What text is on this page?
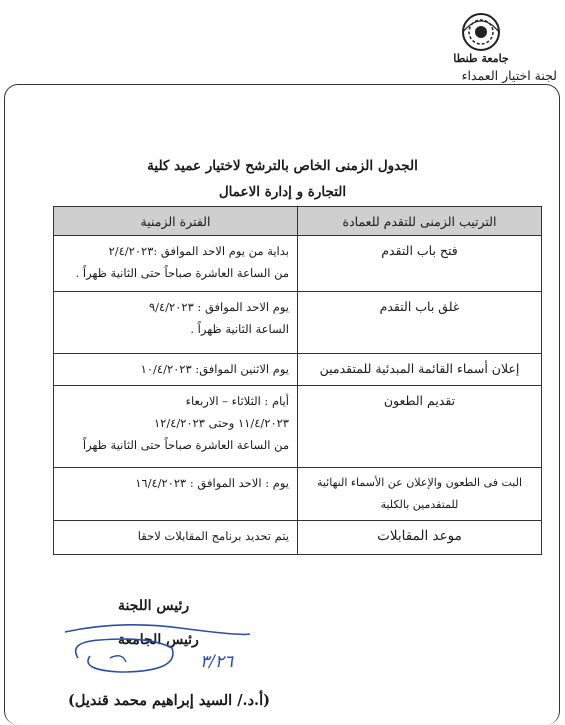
جامعة طنطا
لجنة اختيار العمداء
الجدول الزمنى الخاص بالترشح لاختيار عميد كلية
التجارة و إدارة الاعمال
الترتيب الزمنى للتقدم للعمادة	الفترة الزمنية
فتح باب التقدم	بداية من يوم الاحد الموافق :٢/٤/٢٠٢٣
من الساعة العاشرة صباحاً حتى الثانية ظهراً .

غلق باب التقدم	يوم الاحد الموافق : ٩/٤/٢٠٢٣
الساعة الثانية ظهراً .

إعلان أسماء القائمة المبدئية للمتقدمين	يوم الاثنين الموافق: ١٠/٤/٢٠٢٣

تقديم الطعون	أيام : الثلاثاء – الاربعاء
١١/٤/٢٠٢٣ وحتى ١٢/٤/٢٠٢٣
من الساعة العاشرة صباحاً حتى الثانية ظهراً

البت فى الطعون والإعلان عن الأسماء النهائية للمتقدمين بالكلية	يوم : الاحد الموافق : ١٦/٤/٢٠٢٣

موعد المقابلات	يتم تحديد برنامج المقابلات لاحقا
رئيس اللجنة
رئيس الجامعة
٣/٢٦
(أ.د./ السيد إبراهيم محمد قنديل)
